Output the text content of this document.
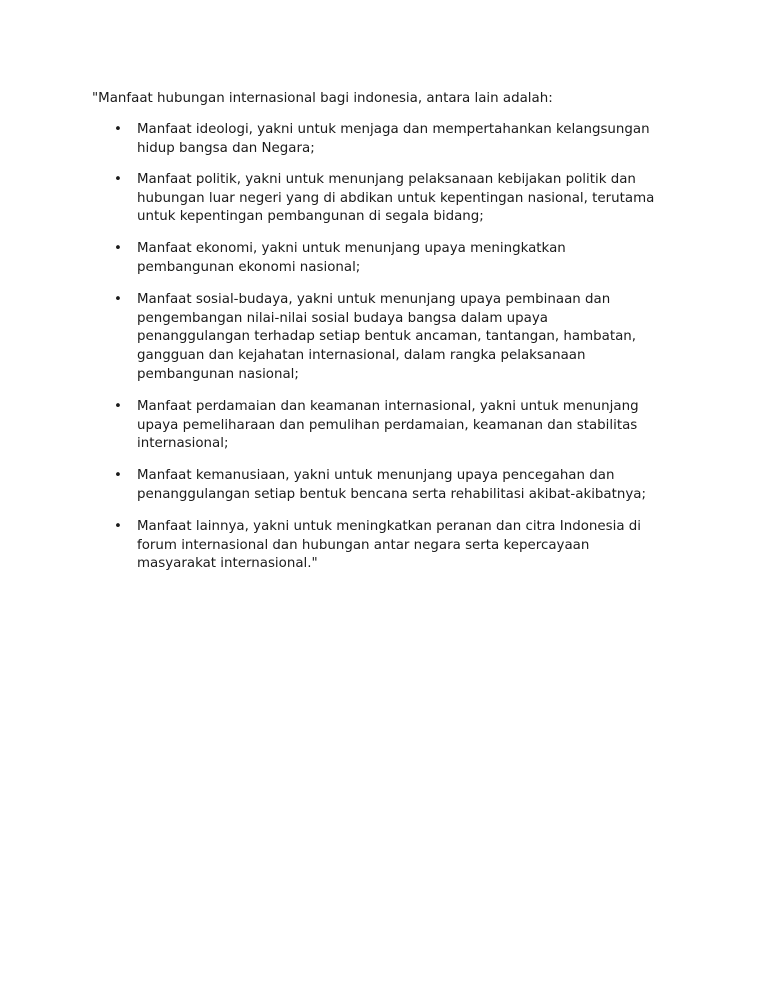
"Manfaat hubungan internasional bagi indonesia, antara lain adalah:

• Manfaat ideologi, yakni untuk menjaga dan mempertahankan kelangsungan
hidup bangsa dan Negara;
• Manfaat politik, yakni untuk menunjang pelaksanaan kebijakan politik dan
hubungan luar negeri yang di abdikan untuk kepentingan nasional, terutama
untuk kepentingan pembangunan di segala bidang;
• Manfaat ekonomi, yakni untuk menunjang upaya meningkatkan
pembangunan ekonomi nasional;
• Manfaat sosial-budaya, yakni untuk menunjang upaya pembinaan dan
pengembangan nilai-nilai sosial budaya bangsa dalam upaya
penanggulangan terhadap setiap bentuk ancaman, tantangan, hambatan,
gangguan dan kejahatan internasional, dalam rangka pelaksanaan
pembangunan nasional;
• Manfaat perdamaian dan keamanan internasional, yakni untuk menunjang
upaya pemeliharaan dan pemulihan perdamaian, keamanan dan stabilitas
internasional;
• Manfaat kemanusiaan, yakni untuk menunjang upaya pencegahan dan
penanggulangan setiap bentuk bencana serta rehabilitasi akibat-akibatnya;
• Manfaat lainnya, yakni untuk meningkatkan peranan dan citra Indonesia di
forum internasional dan hubungan antar negara serta kepercayaan
masyarakat internasional."
